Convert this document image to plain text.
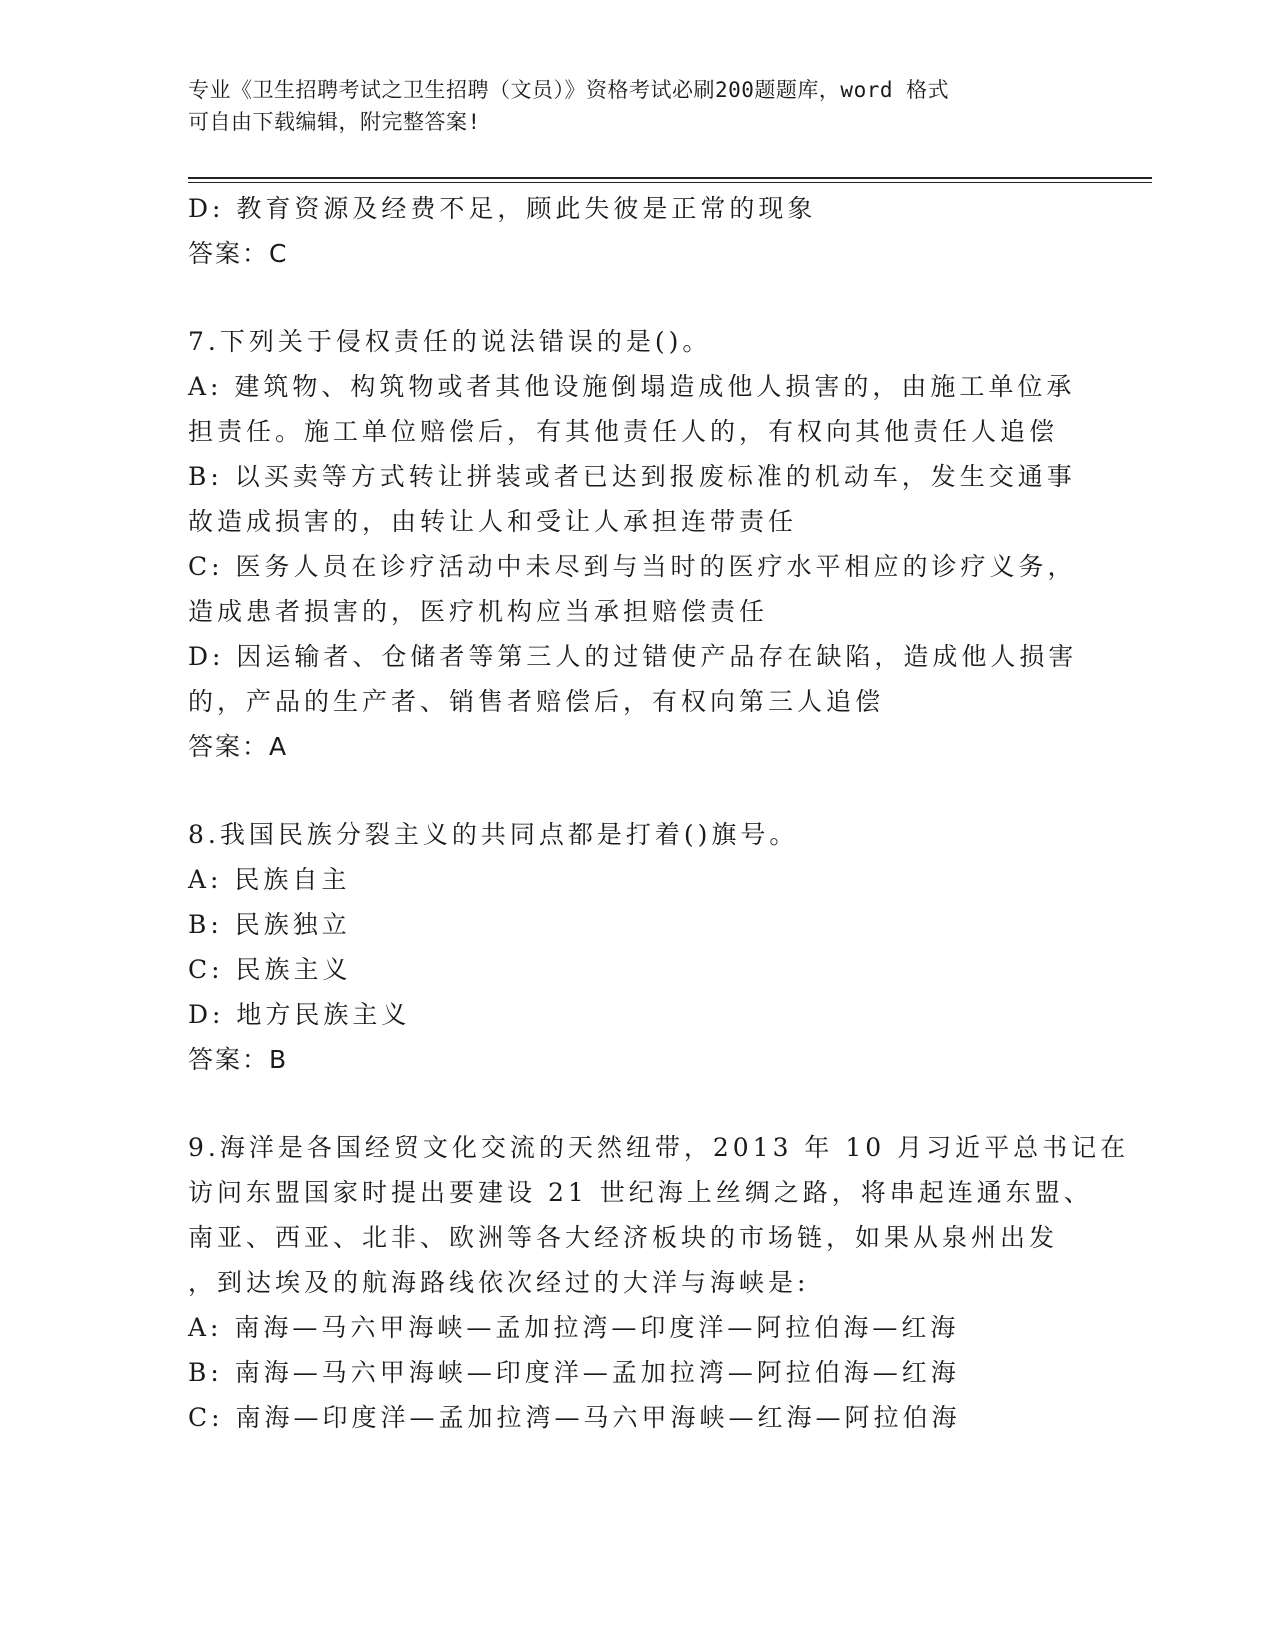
专业《卫生招聘考试之卫生招聘（文员）》资格考试必刷200题题库，word 格式
可自由下载编辑，附完整答案!
D: 教育资源及经费不足，顾此失彼是正常的现象
答案：C
7.下列关于侵权责任的说法错误的是()。
A: 建筑物、构筑物或者其他设施倒塌造成他人损害的，由施工单位承
担责任。施工单位赔偿后，有其他责任人的，有权向其他责任人追偿
B: 以买卖等方式转让拼装或者已达到报废标准的机动车，发生交通事
故造成损害的，由转让人和受让人承担连带责任
C: 医务人员在诊疗活动中未尽到与当时的医疗水平相应的诊疗义务，
造成患者损害的，医疗机构应当承担赔偿责任
D: 因运输者、仓储者等第三人的过错使产品存在缺陷，造成他人损害
的，产品的生产者、销售者赔偿后，有权向第三人追偿
答案：A
8.我国民族分裂主义的共同点都是打着()旗号。
A: 民族自主
B: 民族独立
C: 民族主义
D: 地方民族主义
答案：B
9.海洋是各国经贸文化交流的天然纽带，2013 年 10 月习近平总书记在
访问东盟国家时提出要建设 21 世纪海上丝绸之路，将串起连通东盟、
南亚、西亚、北非、欧洲等各大经济板块的市场链，如果从泉州出发
，到达埃及的航海路线依次经过的大洋与海峡是:
A: 南海—马六甲海峡—孟加拉湾—印度洋—阿拉伯海—红海
B: 南海—马六甲海峡—印度洋—孟加拉湾—阿拉伯海—红海
C: 南海—印度洋—孟加拉湾—马六甲海峡—红海—阿拉伯海
